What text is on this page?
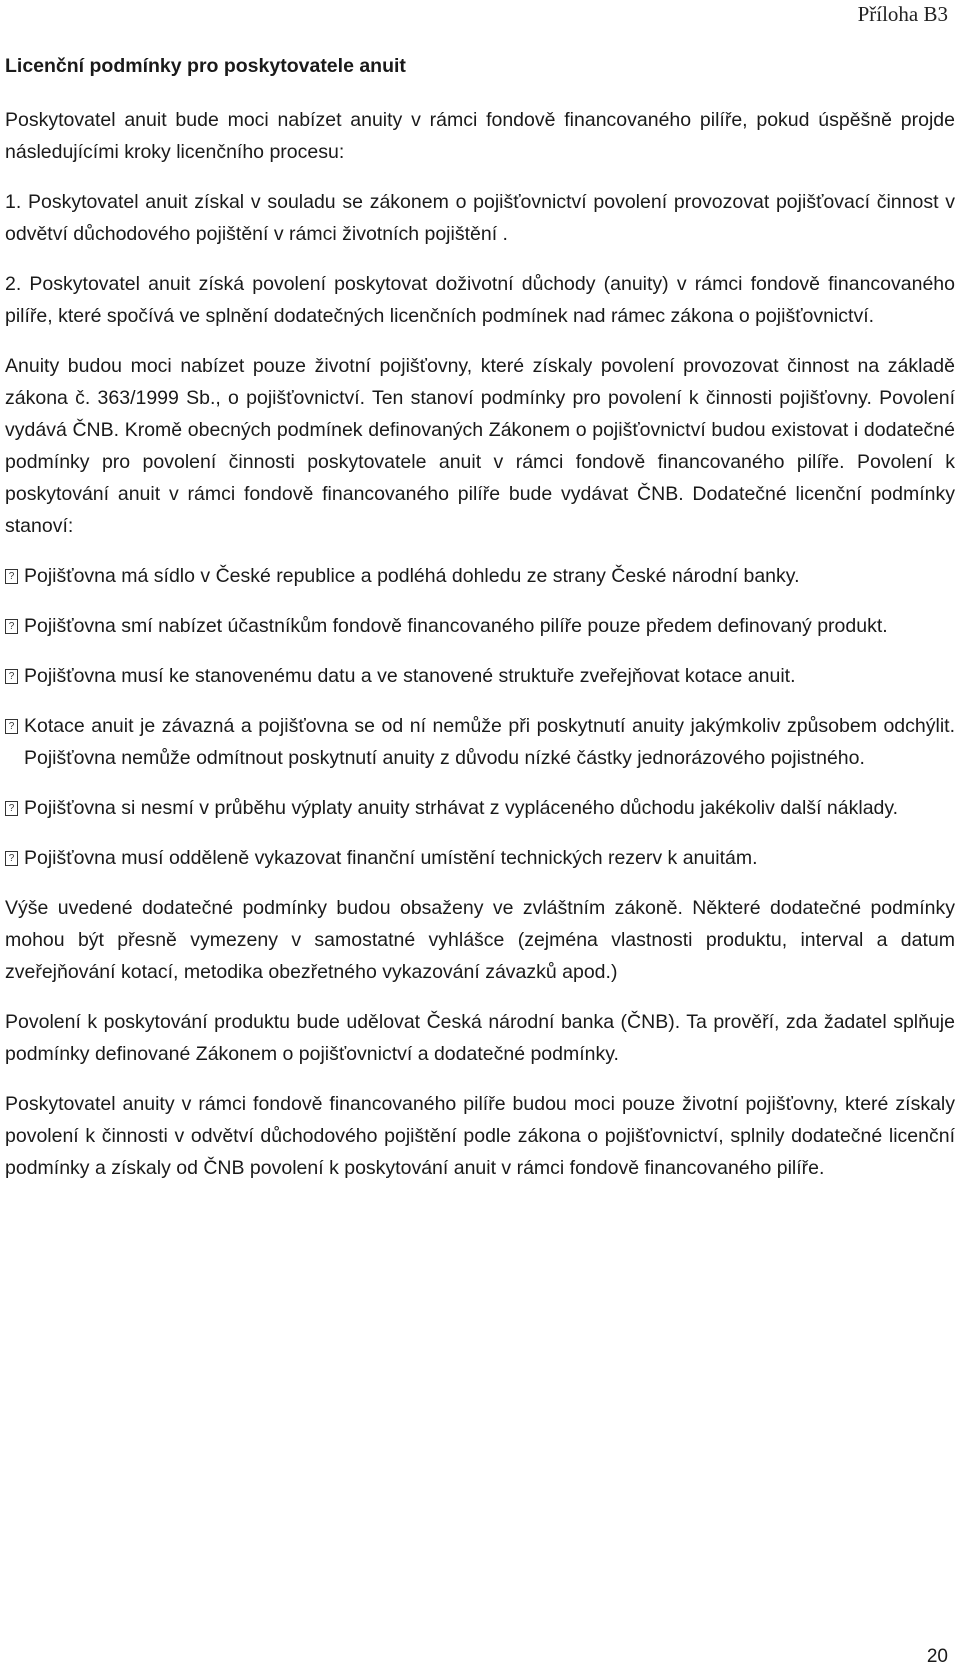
Příloha B3
Licenční podmínky pro poskytovatele anuit

Poskytovatel anuit bude moci nabízet anuity v rámci fondově financovaného pilíře, pokud úspěšně projde následujícími kroky licenčního procesu:

1. Poskytovatel anuit získal v souladu se zákonem o pojišťovnictví povolení provozovat pojišťovací činnost v odvětví důchodového pojištění v rámci životních pojištění .

2. Poskytovatel anuit získá povolení poskytovat doživotní důchody (anuity) v rámci fondově financovaného pilíře, které spočívá ve splnění dodatečných licenčních podmínek nad rámec zákona o pojišťovnictví.

Anuity budou moci nabízet pouze životní pojišťovny, které získaly povolení provozovat činnost na základě zákona č. 363/1999 Sb., o pojišťovnictví. Ten stanoví podmínky pro povolení k činnosti pojišťovny. Povolení vydává ČNB. Kromě obecných podmínek definovaných Zákonem o pojišťovnictví budou existovat i dodatečné podmínky pro povolení činnosti poskytovatele anuit v rámci fondově financovaného pilíře. Povolení k poskytování anuit v rámci fondově financovaného pilíře bude vydávat ČNB. Dodatečné licenční podmínky stanoví:

? Pojišťovna má sídlo v České republice a podléhá dohledu ze strany České národní banky.
? Pojišťovna smí nabízet účastníkům fondově financovaného pilíře pouze předem definovaný produkt.
? Pojišťovna musí ke stanovenému datu a ve stanovené struktuře zveřejňovat kotace anuit.
? Kotace anuit je závazná a pojišťovna se od ní nemůže při poskytnutí anuity jakýmkoliv způsobem odchýlit. Pojišťovna nemůže odmítnout poskytnutí anuity z důvodu nízké částky jednorázového pojistného.
? Pojišťovna si nesmí v průběhu výplaty anuity strhávat z vypláceného důchodu jakékoliv další náklady.
? Pojišťovna musí odděleně vykazovat finanční umístění technických rezerv k anuitám.

Výše uvedené dodatečné podmínky budou obsaženy ve zvláštním zákoně. Některé dodatečné podmínky mohou být přesně vymezeny v samostatné vyhlášce (zejména vlastnosti produktu, interval a datum zveřejňování kotací, metodika obezřetného vykazování závazků apod.)

Povolení k poskytování produktu bude udělovat Česká národní banka (ČNB). Ta prověří, zda žadatel splňuje podmínky definované Zákonem o pojišťovnictví a dodatečné podmínky.

Poskytovatel anuity v rámci fondově financovaného pilíře budou moci pouze životní pojišťovny, které získaly povolení k činnosti v odvětví důchodového pojištění podle zákona o pojišťovnictví, splnily dodatečné licenční podmínky a získaly od ČNB povolení k poskytování anuit v rámci fondově financovaného pilíře.

20
